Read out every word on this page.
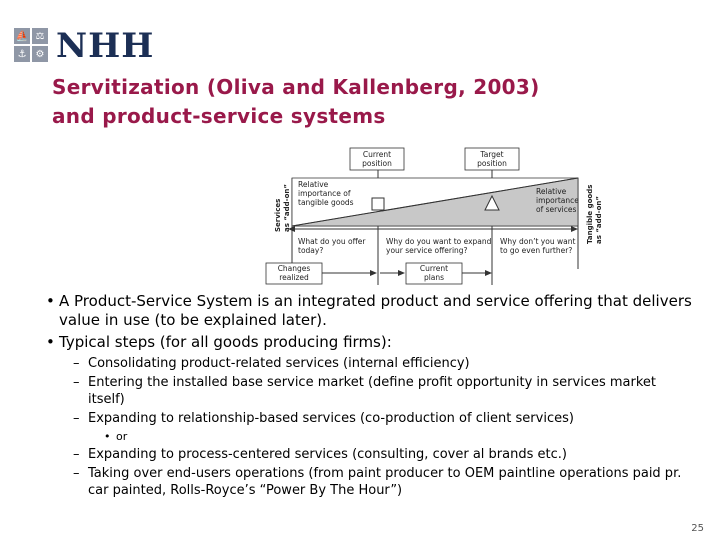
⛵ ⚖
⚓ ⚙ NHH
Servitization (Oliva and Kallenberg, 2003)
and product-service systems
Current
position
Target
position
Relative
importance of
tangible goods
Relative
importance
of services
Services as “add-on”	Tangible goods as “add-on”
What do you offer
today?
Why do you want to expand
your service offering?
Why don’t you want
to go even further?
Changes
realized
Current
plans
• A Product-Service System is an integrated product and service offering that delivers value in use (to be explained later).
• Typical steps (for all goods producing firms):
– Consolidating product-related services (internal efficiency)
– Entering the installed base service market (define profit opportunity in services market itself)
– Expanding to relationship-based services (co-production of client services)
• or
– Expanding to process-centered services (consulting, cover al brands etc.)
– Taking over end-users operations (from paint producer to OEM paintline operations paid pr. car painted, Rolls-Royce’s “Power By The Hour”)
25
